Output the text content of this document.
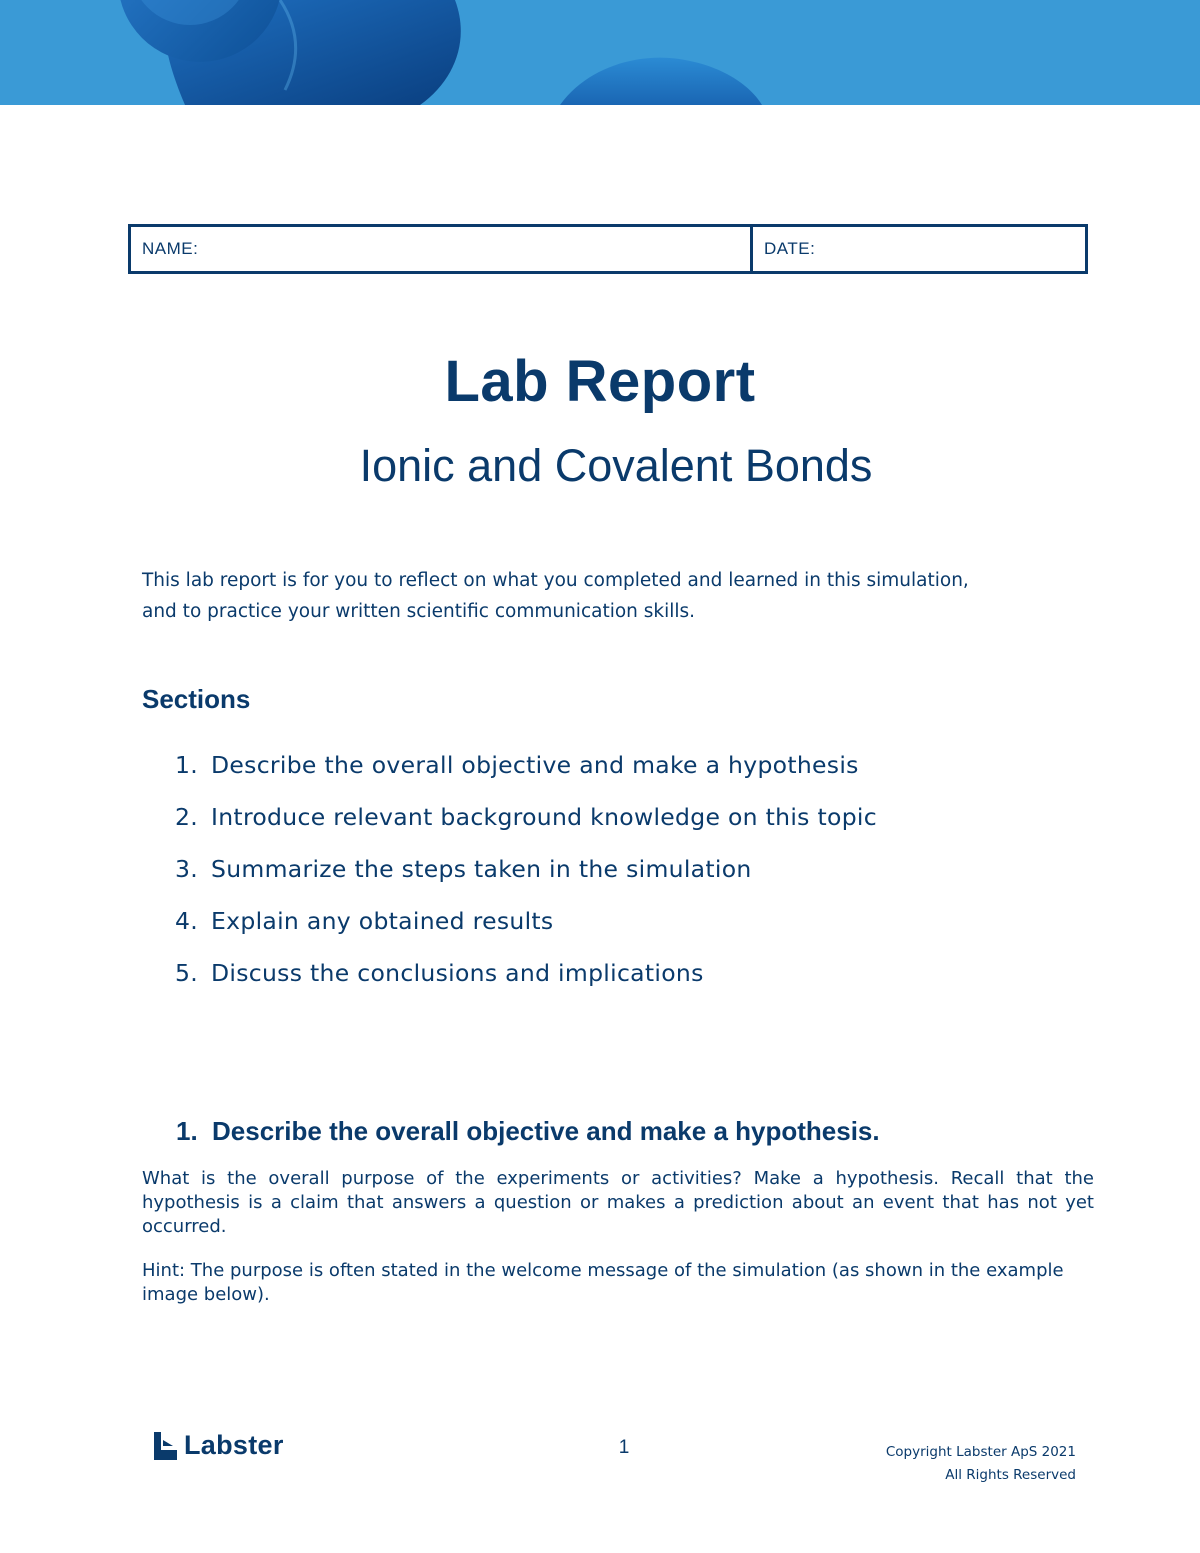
NAME:	DATE:
Lab Report
Ionic and Covalent Bonds

This lab report is for you to reflect on what you completed and learned in this simulation,

and to practice your written scientific communication skills.

Sections
1. Describe the overall objective and make a hypothesis
2. Introduce relevant background knowledge on this topic
3. Summarize the steps taken in the simulation
4. Explain any obtained results
5. Discuss the conclusions and implications
1. Describe the overall objective and make a hypothesis.

What is the overall purpose of the experiments or activities? Make a hypothesis. Recall that the hypothesis is a claim that answers a question or makes a prediction about an event that has not yet occurred.

Hint: The purpose is often stated in the welcome message of the simulation (as shown in the example image below).

Labster	1	Copyright Labster ApS 2021
All Rights Reserved
